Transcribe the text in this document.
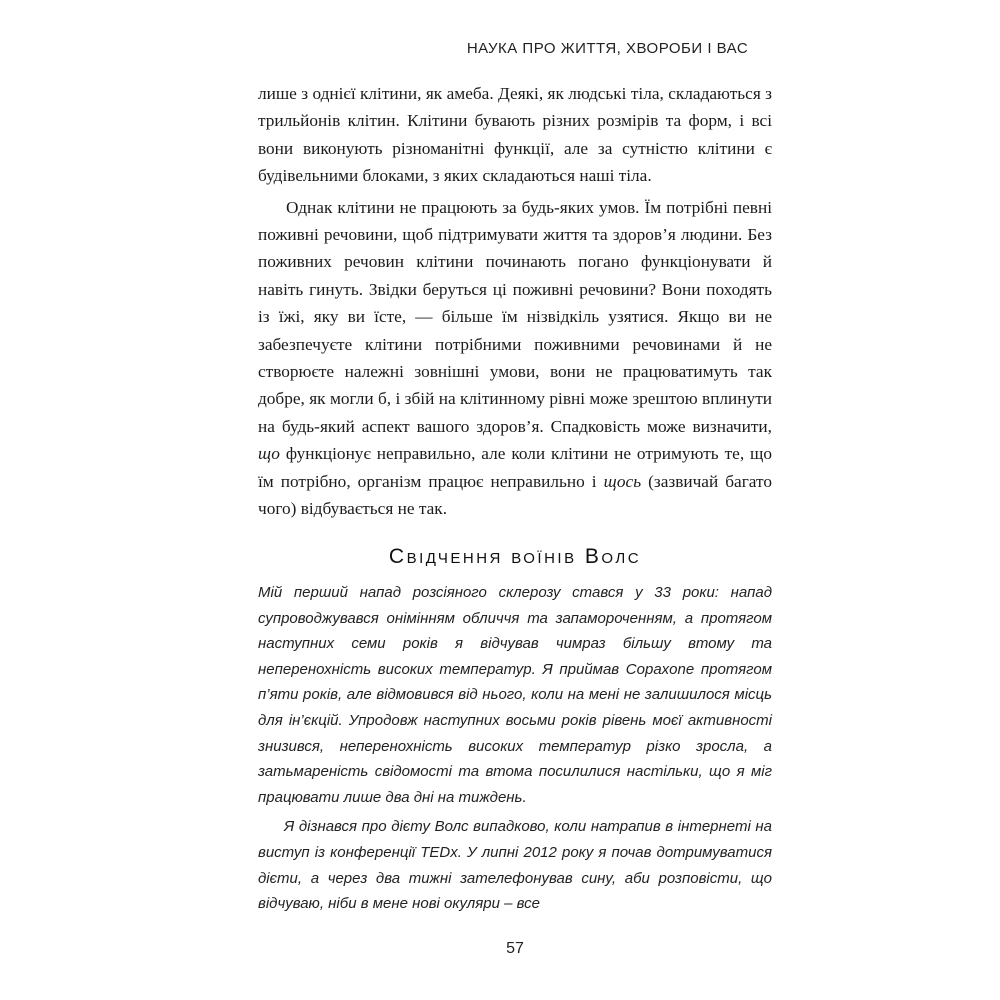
НАУКА ПРО ЖИТТЯ, ХВОРОБИ І ВАС

лише з однієї клітини, як амеба. Деякі, як людські тіла, складаються з трильйонів клітин. Клітини бувають різних розмірів та форм, і всі вони виконують різноманітні функції, але за сутністю клітини є будівельними блоками, з яких складаються наші тіла.

Однак клітини не працюють за будь-яких умов. Їм потрібні певні поживні речовини, щоб підтримувати життя та здоров’я людини. Без поживних речовин клітини починають погано функціонувати й навіть гинуть. Звідки беруться ці поживні речовини? Вони походять із їжі, яку ви їсте, — більше їм нізвідкіль узятися. Якщо ви не забезпечуєте клітини потрібними поживними речовинами й не створюєте належні зовнішні умови, вони не працюватимуть так добре, як могли б, і збій на клітинному рівні може зрештою вплинути на будь-який аспект вашого здоров’я. Спадковість може визначити, що функціонує неправильно, але коли клітини не отримують те, що їм потрібно, організм працює неправильно і щось (зазвичай багато чого) відбувається не так.

Свідчення воїнів Волс

Мій перший напад розсіяного склерозу стався у 33 роки: напад супроводжувався онімінням обличчя та запамороченням, а протягом наступних семи років я відчував чимраз більшу втому та неперенохність високих температур. Я приймав Copaxone протягом п’яти років, але відмовився від нього, коли на мені не залишилося місць для ін’єкцій. Упродовж наступних восьми років рівень моєї активності знизився, неперенохність високих температур різко зросла, а затьмареність свідомості та втома посилилися настільки, що я міг працювати лише два дні на тиждень.

Я дізнався про дієту Волс випадково, коли натрапив в інтернеті на виступ із конференції TEDx. У липні 2012 року я почав дотримуватися дієти, а через два тижні зателефонував сину, аби розповісти, що відчуваю, ніби в мене нові окуляри – все

57
